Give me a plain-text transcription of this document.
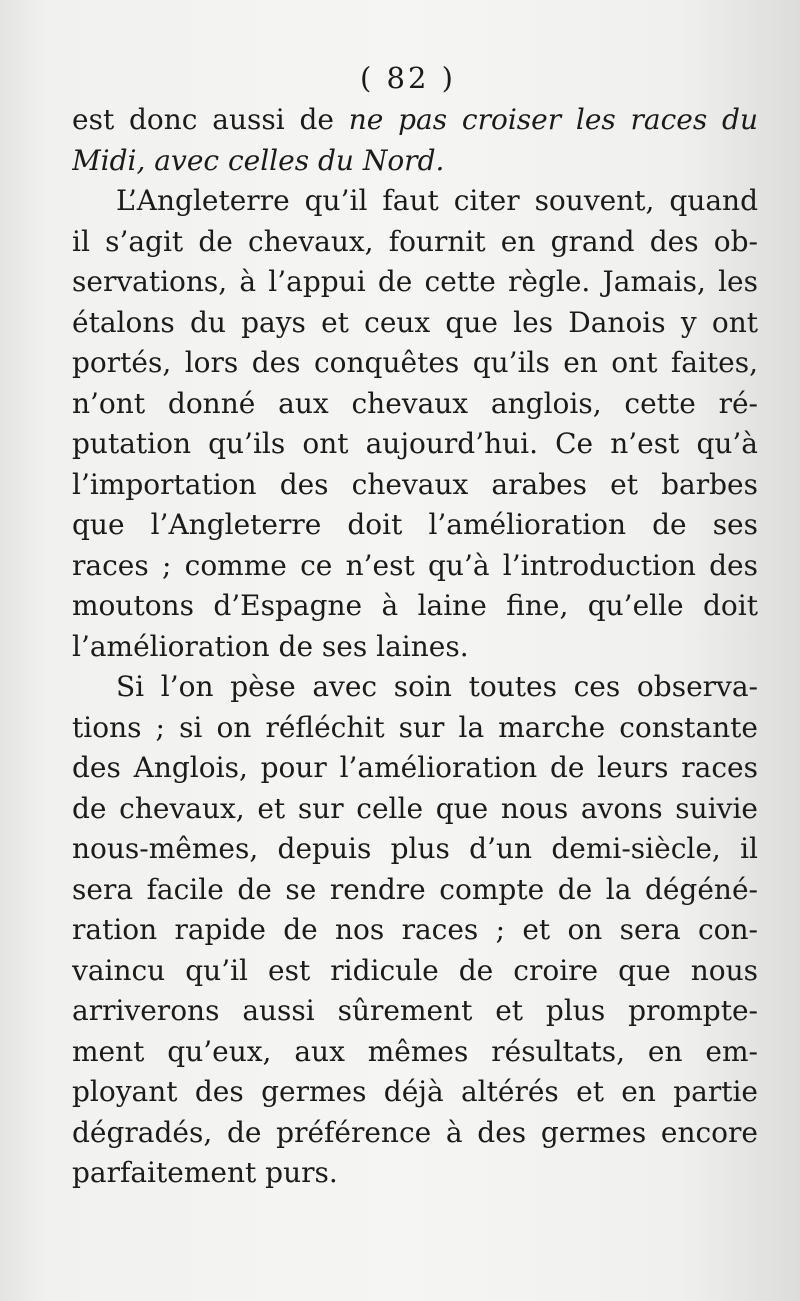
( 82 )
est donc aussi de ne pas croiser les races du
Midi, avec celles du Nord.
L’Angleterre qu’il faut citer souvent, quand
il s’agit de chevaux, fournit en grand des ob-
servations, à l’appui de cette règle. Jamais, les
étalons du pays et ceux que les Danois y ont
portés, lors des conquêtes qu’ils en ont faites,
n’ont donné aux chevaux anglois, cette ré-
putation qu’ils ont aujourd’hui. Ce n’est qu’à
l’importation des chevaux arabes et barbes
que l’Angleterre doit l’amélioration de ses
races ; comme ce n’est qu’à l’introduction des
moutons d’Espagne à laine fine, qu’elle doit
l’amélioration de ses laines.
Si l’on pèse avec soin toutes ces observa-
tions ; si on réfléchit sur la marche constante
des Anglois, pour l’amélioration de leurs races
de chevaux, et sur celle que nous avons suivie
nous-mêmes, depuis plus d’un demi-siècle, il
sera facile de se rendre compte de la dégéné-
ration rapide de nos races ; et on sera con-
vaincu qu’il est ridicule de croire que nous
arriverons aussi sûrement et plus prompte-
ment qu’eux, aux mêmes résultats, en em-
ployant des germes déjà altérés et en partie
dégradés, de préférence à des germes encore
parfaitement purs.
